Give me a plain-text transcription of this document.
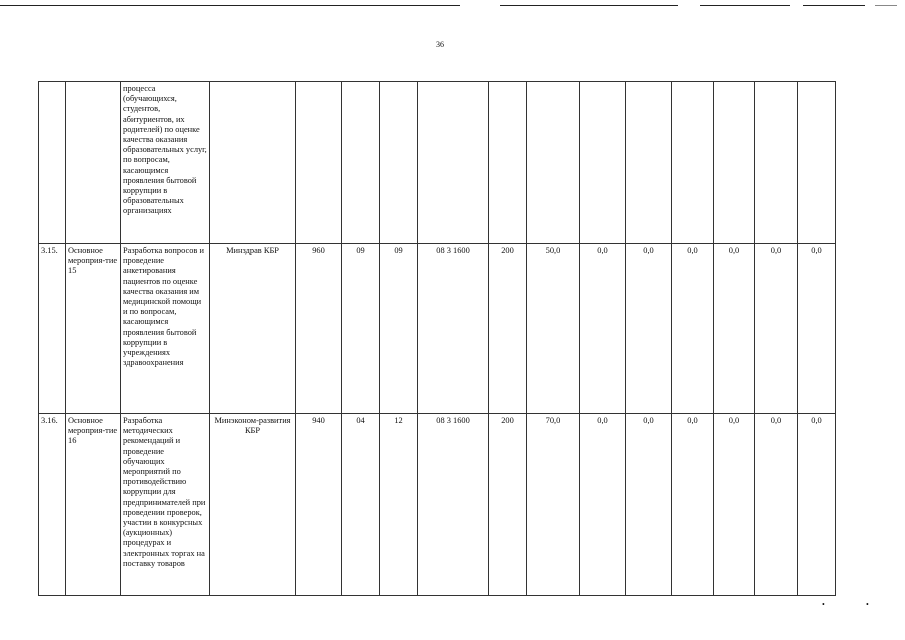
36
		процесса (обучающихся, студентов, абитуриентов, их родителей) по оценке качества оказания образовательных услуг, по вопросам, касающимся проявления бытовой коррупции в образовательных организациях													
3.15.	Основное мероприя-тие 15	Разработка вопросов и проведение анкетирования пациентов по оценке качества оказания им медицинской помощи и по вопросам, касающимся проявления бытовой коррупции в учреждениях здравоохранения	Минздрав КБР	960	09	09	08 3 1600	200	50,0	0,0	0,0	0,0	0,0	0,0	0,0
3.16.	Основное мероприя-тие 16	Разработка методических рекомендаций и проведение обучающих мероприятий по противодействию коррупции для предпринимателей при проведении проверок, участии в конкурсных (аукционных) процедурах и электронных торгах на поставку товаров	Минэконом-развития КБР	940	04	12	08 3 1600	200	70,0	0,0	0,0	0,0	0,0	0,0	0,0
•	•
